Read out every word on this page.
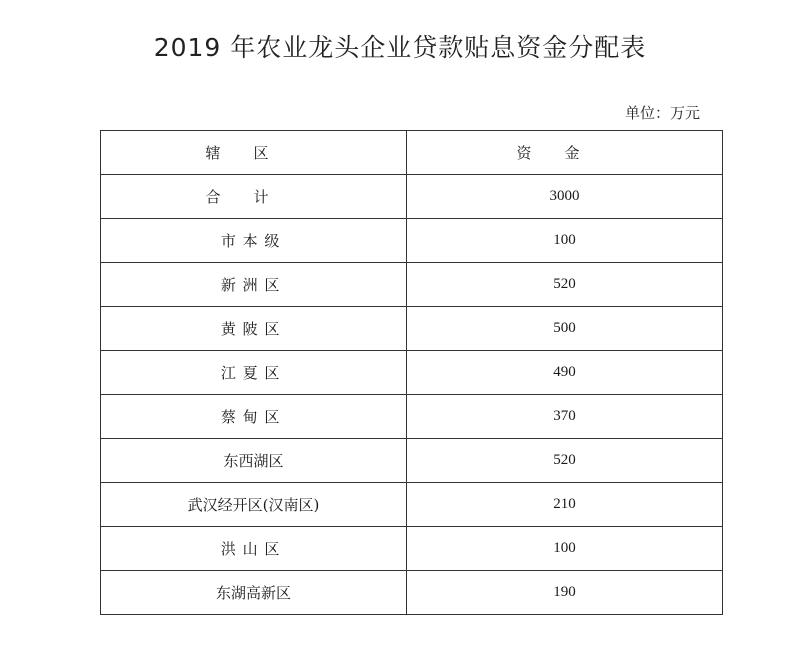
2019 年农业龙头企业贷款贴息资金分配表
单位：万元
辖区	资金
合计	3000
市本级	100
新洲区	520
黄陂区	500
江夏区	490
蔡甸区	370
东西湖区	520
武汉经开区(汉南区)	210
洪山区	100
东湖高新区	190
